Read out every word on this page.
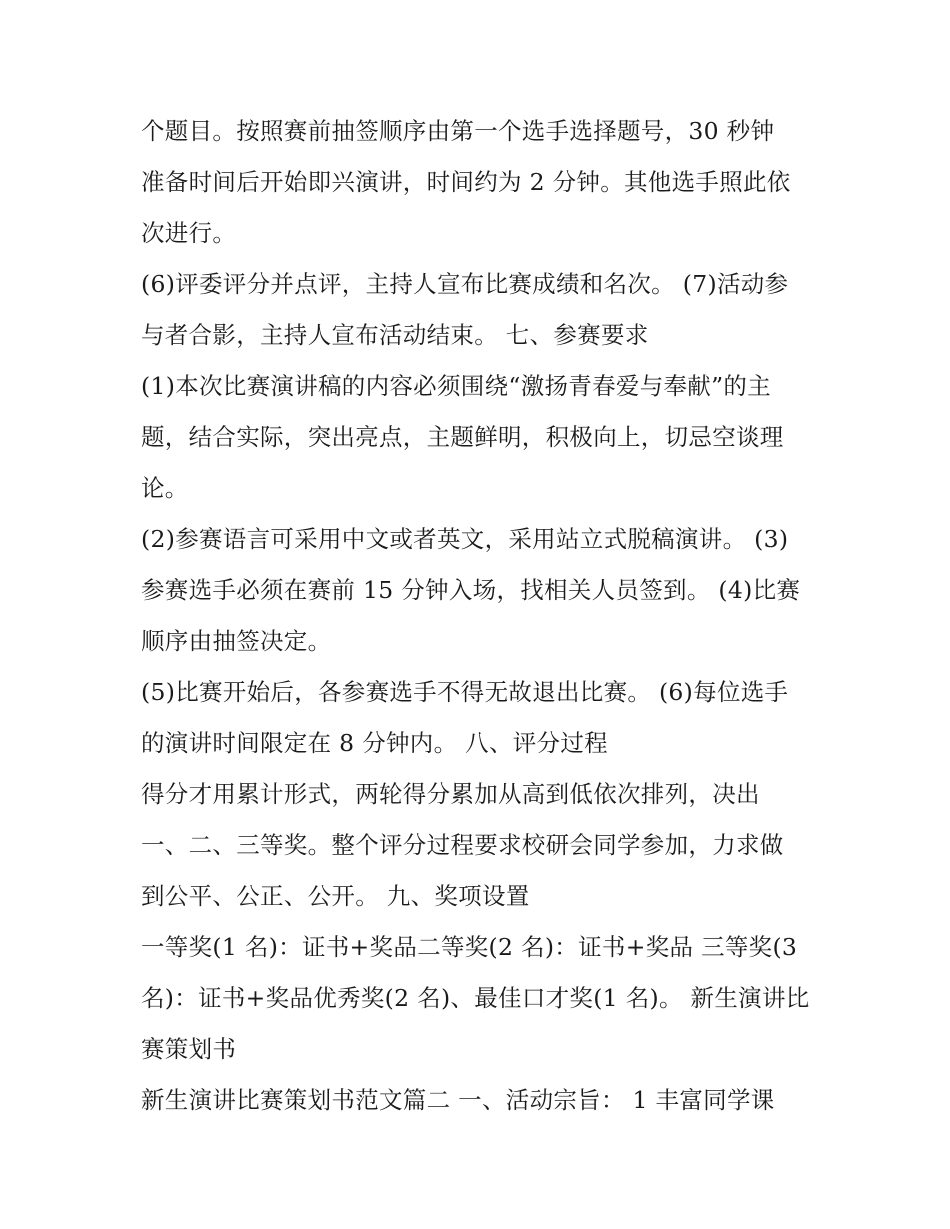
个题目。按照赛前抽签顺序由第一个选手选择题号，30 秒钟
准备时间后开始即兴演讲，时间约为 2 分钟。其他选手照此依
次进行。
(6)评委评分并点评，主持人宣布比赛成绩和名次。 (7)活动参
与者合影，主持人宣布活动结束。 七、参赛要求
(1)本次比赛演讲稿的内容必须围绕“激扬青春爱与奉献”的主
题，结合实际，突出亮点，主题鲜明，积极向上，切忌空谈理
论。
(2)参赛语言可采用中文或者英文，采用站立式脱稿演讲。 (3)
参赛选手必须在赛前 15 分钟入场，找相关人员签到。 (4)比赛
顺序由抽签决定。
(5)比赛开始后，各参赛选手不得无故退出比赛。 (6)每位选手
的演讲时间限定在 8 分钟内。 八、评分过程
得分才用累计形式，两轮得分累加从高到低依次排列，决出
一、二、三等奖。整个评分过程要求校研会同学参加，力求做
到公平、公正、公开。 九、奖项设置
一等奖(1 名)：证书+奖品二等奖(2 名)：证书+奖品 三等奖(3
名)：证书+奖品优秀奖(2 名)、最佳口才奖(1 名)。 新生演讲比
赛策划书
新生演讲比赛策划书范文篇二 一、活动宗旨： 1 丰富同学课
